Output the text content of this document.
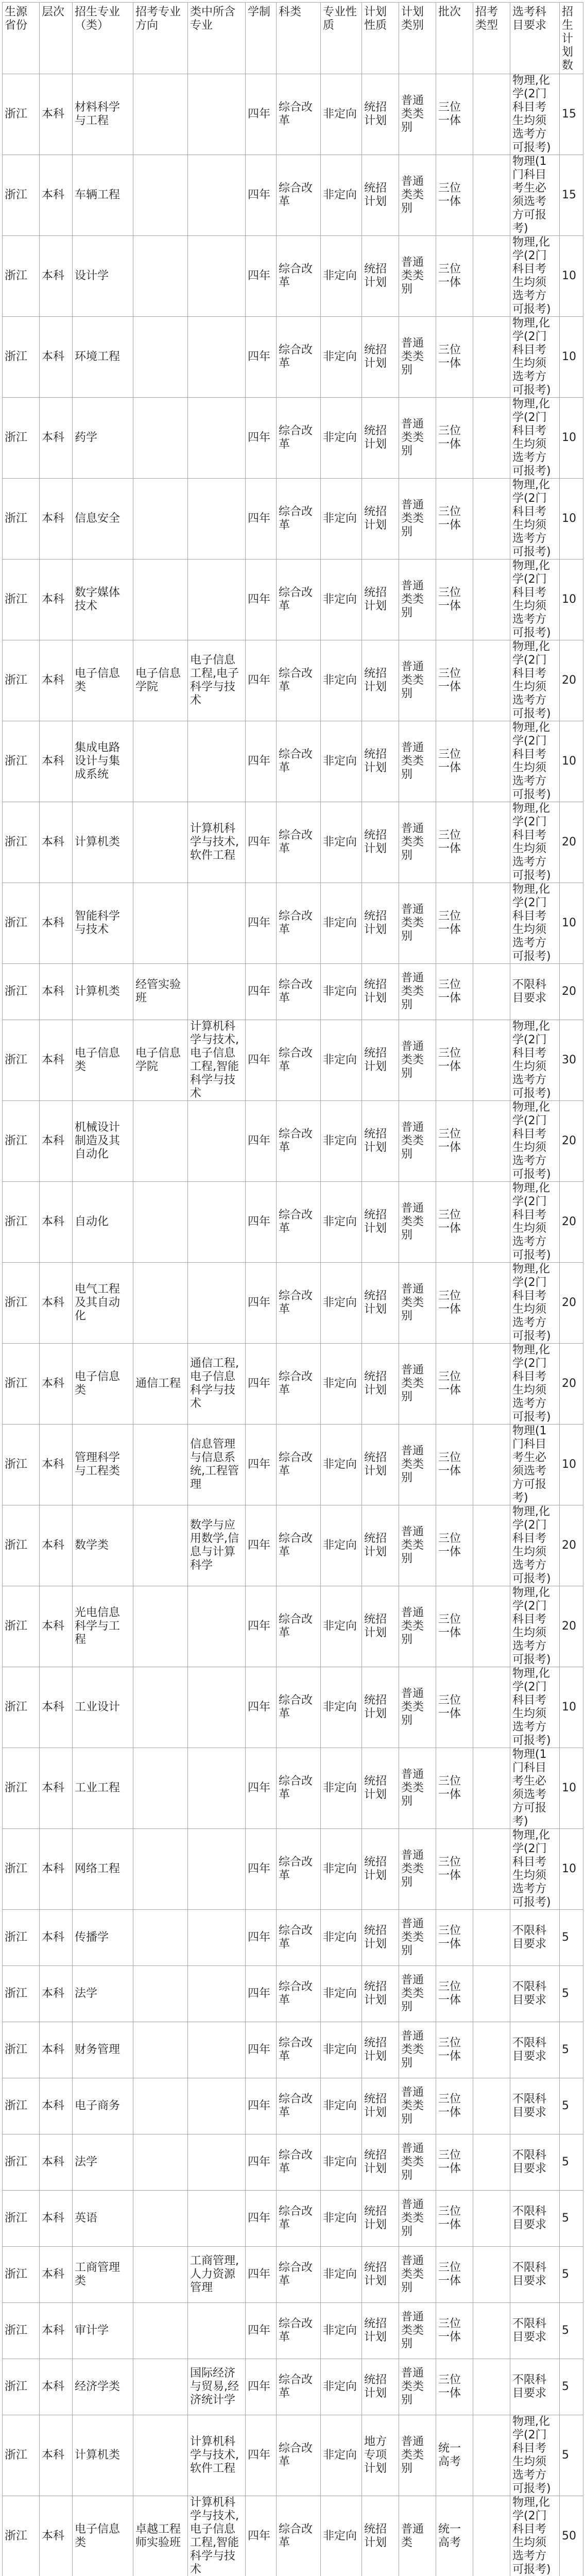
生源省份	层次	招生专业（类）	招考专业方向	类中所含专业	学制	科类	专业性质	计划性质	计划类别	批次	招考类型	选考科目要求	招生计划数
浙江	本科	材料科学与工程			四年	综合改革	非定向	统招计划	普通类类别	三位一体		物理,化学(2门科目考生均须选考方可报考)	15
浙江	本科	车辆工程			四年	综合改革	非定向	统招计划	普通类类别	三位一体		物理(1门科目考生必须选考方可报考)	15
浙江	本科	设计学			四年	综合改革	非定向	统招计划	普通类类别	三位一体		物理,化学(2门科目考生均须选考方可报考)	10
浙江	本科	环境工程			四年	综合改革	非定向	统招计划	普通类类别	三位一体		物理,化学(2门科目考生均须选考方可报考)	10
浙江	本科	药学			四年	综合改革	非定向	统招计划	普通类类别	三位一体		物理,化学(2门科目考生均须选考方可报考)	10
浙江	本科	信息安全			四年	综合改革	非定向	统招计划	普通类类别	三位一体		物理,化学(2门科目考生均须选考方可报考)	10
浙江	本科	数字媒体技术			四年	综合改革	非定向	统招计划	普通类类别	三位一体		物理,化学(2门科目考生均须选考方可报考)	10
浙江	本科	电子信息类	电子信息学院	电子信息工程,电子科学与技术	四年	综合改革	非定向	统招计划	普通类类别	三位一体		物理,化学(2门科目考生均须选考方可报考)	20
浙江	本科	集成电路设计与集成系统			四年	综合改革	非定向	统招计划	普通类类别	三位一体		物理,化学(2门科目考生均须选考方可报考)	10
浙江	本科	计算机类		计算机科学与技术,软件工程	四年	综合改革	非定向	统招计划	普通类类别	三位一体		物理,化学(2门科目考生均须选考方可报考)	20
浙江	本科	智能科学与技术			四年	综合改革	非定向	统招计划	普通类类别	三位一体		物理,化学(2门科目考生均须选考方可报考)	10
浙江	本科	计算机类	经管实验班		四年	综合改革	非定向	统招计划	普通类类别	三位一体		不限科目要求	20
浙江	本科	电子信息类	电子信息学院	计算机科学与技术,电子信息工程,智能科学与技术	四年	综合改革	非定向	统招计划	普通类类别	三位一体		物理,化学(2门科目考生均须选考方可报考)	30
浙江	本科	机械设计制造及其自动化			四年	综合改革	非定向	统招计划	普通类类别	三位一体		物理,化学(2门科目考生均须选考方可报考)	20
浙江	本科	自动化			四年	综合改革	非定向	统招计划	普通类类别	三位一体		物理,化学(2门科目考生均须选考方可报考)	20
浙江	本科	电气工程及其自动化			四年	综合改革	非定向	统招计划	普通类类别	三位一体		物理,化学(2门科目考生均须选考方可报考)	20
浙江	本科	电子信息类	通信工程	通信工程,电子信息科学与技术	四年	综合改革	非定向	统招计划	普通类类别	三位一体		物理,化学(2门科目考生均须选考方可报考)	20
浙江	本科	管理科学与工程类		信息管理与信息系统,工程管理	四年	综合改革	非定向	统招计划	普通类类别	三位一体		物理(1门科目考生必须选考方可报考)	10
浙江	本科	数学类		数学与应用数学,信息与计算科学	四年	综合改革	非定向	统招计划	普通类类别	三位一体		物理,化学(2门科目考生均须选考方可报考)	20
浙江	本科	光电信息科学与工程			四年	综合改革	非定向	统招计划	普通类类别	三位一体		物理,化学(2门科目考生均须选考方可报考)	20
浙江	本科	工业设计			四年	综合改革	非定向	统招计划	普通类类别	三位一体		物理,化学(2门科目考生均须选考方可报考)	10
浙江	本科	工业工程			四年	综合改革	非定向	统招计划	普通类类别	三位一体		物理(1门科目考生必须选考方可报考)	10
浙江	本科	网络工程			四年	综合改革	非定向	统招计划	普通类类别	三位一体		物理,化学(2门科目考生均须选考方可报考)	10
浙江	本科	传播学			四年	综合改革	非定向	统招计划	普通类类别	三位一体		不限科目要求	5
浙江	本科	法学			四年	综合改革	非定向	统招计划	普通类类别	三位一体		不限科目要求	5
浙江	本科	财务管理			四年	综合改革	非定向	统招计划	普通类类别	三位一体		不限科目要求	5
浙江	本科	电子商务			四年	综合改革	非定向	统招计划	普通类类别	三位一体		不限科目要求	5
浙江	本科	法学			四年	综合改革	非定向	统招计划	普通类类别	三位一体		不限科目要求	5
浙江	本科	英语			四年	综合改革	非定向	统招计划	普通类类别	三位一体		不限科目要求	5
浙江	本科	工商管理类		工商管理,人力资源管理	四年	综合改革	非定向	统招计划	普通类类别	三位一体		不限科目要求	5
浙江	本科	审计学			四年	综合改革	非定向	统招计划	普通类类别	三位一体		不限科目要求	5
浙江	本科	经济学类		国际经济与贸易,经济统计学	四年	综合改革	非定向	统招计划	普通类类别	三位一体		不限科目要求	5
浙江	本科	计算机类		计算机科学与技术,软件工程	四年	综合改革	非定向	地方专项计划	普通类类别	统一高考		物理,化学(2门科目考生均须选考方可报考)	5
浙江	本科	电子信息类	卓越工程师实验班	计算机科学与技术,电子信息工程,智能科学与技术	四年	综合改革	非定向	统招计划	普通类	统一高考		物理,化学(2门科目考生均须选考方可报考)	50
